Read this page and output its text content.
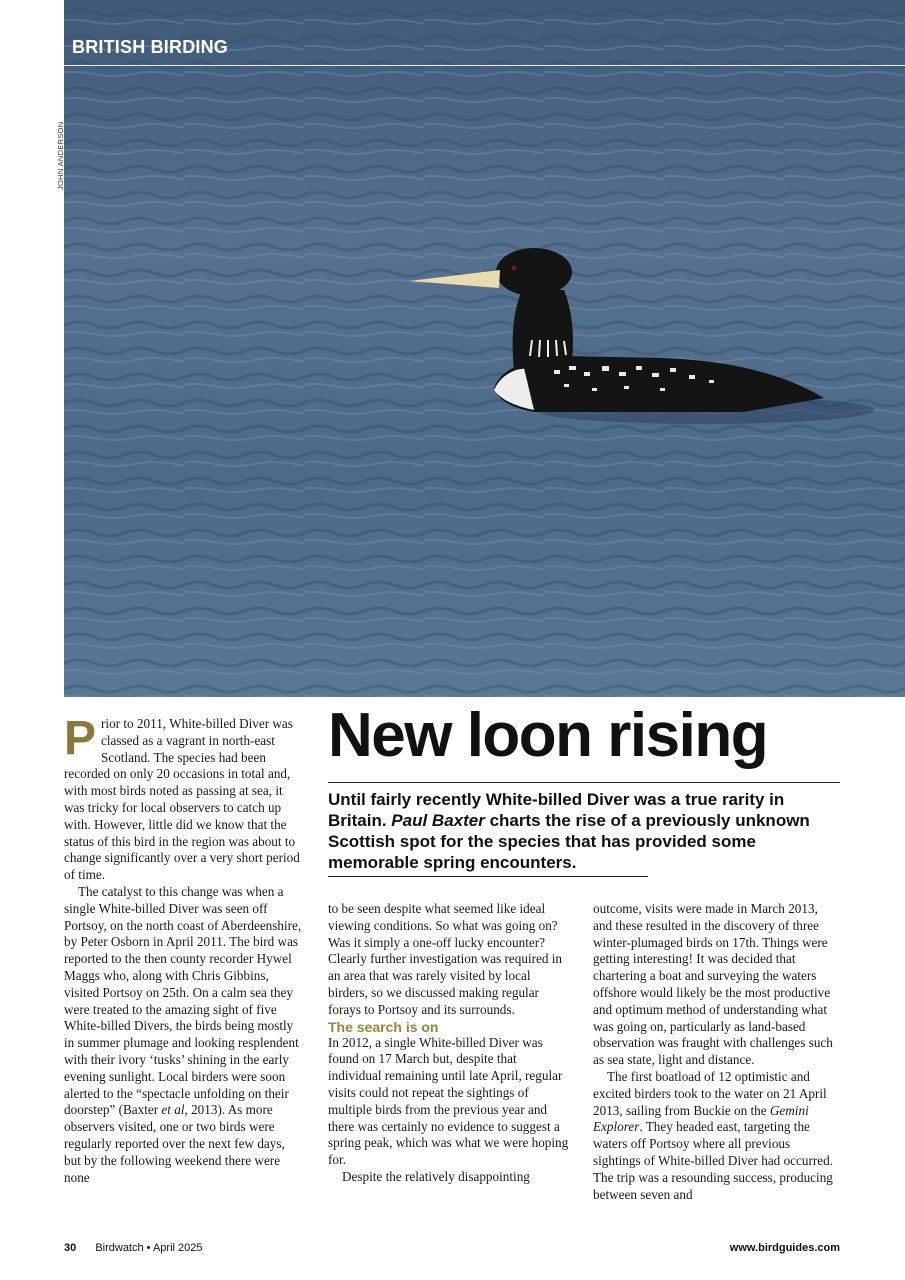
BRITISH BIRDING
JOHN ANDERSON
New loon rising

Until fairly recently White-billed Diver was a true rarity in Britain. Paul Baxter charts the rise of a previously unknown Scottish spot for the species that has provided some memorable spring encounters.

Prior to 2011, White-billed Diver was classed as a vagrant in north-east Scotland. The species had been recorded on only 20 occasions in total and, with most birds noted as passing at sea, it was tricky for local observers to catch up with. However, little did we know that the status of this bird in the region was about to change significantly over a very short period of time.

The catalyst to this change was when a single White-billed Diver was seen off Portsoy, on the north coast of Aberdeenshire, by Peter Osborn in April 2011. The bird was reported to the then county recorder Hywel Maggs who, along with Chris Gibbins, visited Portsoy on 25th. On a calm sea they were treated to the amazing sight of five White-billed Divers, the birds being mostly in summer plumage and looking resplendent with their ivory ‘tusks’ shining in the early evening sunlight. Local birders were soon alerted to the “spectacle unfolding on their doorstep” (Baxter et al, 2013). As more observers visited, one or two birds were regularly reported over the next few days, but by the following weekend there were none

to be seen despite what seemed like ideal viewing conditions. So what was going on? Was it simply a one-off lucky encounter? Clearly further investigation was required in an area that was rarely visited by local birders, so we discussed making regular forays to Portsoy and its surrounds.

The search is on

In 2012, a single White-billed Diver was found on 17 March but, despite that individual remaining until late April, regular visits could not repeat the sightings of multiple birds from the previous year and there was certainly no evidence to suggest a spring peak, which was what we were hoping for.

Despite the relatively disappointing

outcome, visits were made in March 2013, and these resulted in the discovery of three winter-plumaged birds on 17th. Things were getting interesting! It was decided that chartering a boat and surveying the waters offshore would likely be the most productive and optimum method of understanding what was going on, particularly as land-based observation was fraught with challenges such as sea state, light and distance.

The first boatload of 12 optimistic and excited birders took to the water on 21 April 2013, sailing from Buckie on the Gemini Explorer. They headed east, targeting the waters off Portsoy where all previous sightings of White-billed Diver had occurred. The trip was a resounding success, producing between seven and

30 Birdwatch • April 2025	www.birdguides.com
